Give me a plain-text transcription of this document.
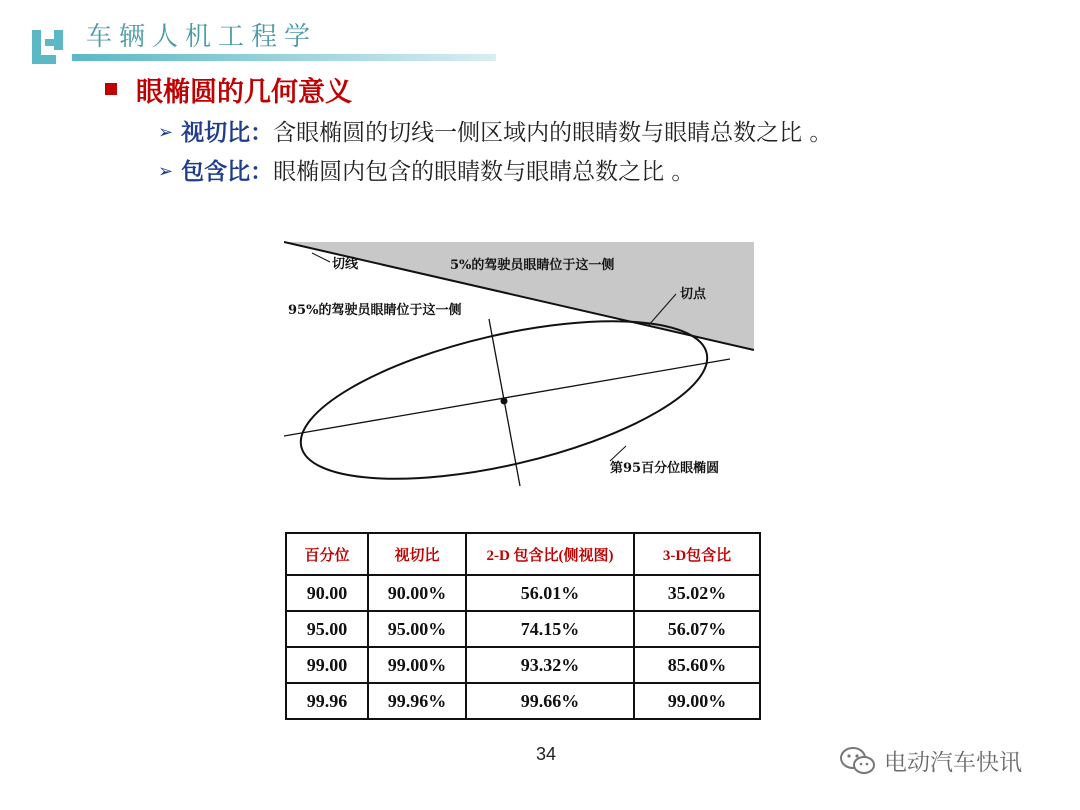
车辆人机工程学
眼椭圆的几何意义
➢ 视切比：含眼椭圆的切线一侧区域内的眼睛数与眼睛总数之比 。
➢ 包含比：眼椭圆内包含的眼睛数与眼睛总数之比 。
切线	5%的驾驶员眼睛位于这一侧
95%的驾驶员眼睛位于这一侧
切点
第95百分位眼椭圆
百分位	视切比	2-D 包含比(侧视图)	3-D包含比
90.00	90.00%	56.01%	35.02%
95.00	95.00%	74.15%	56.07%
99.00	99.00%	93.32%	85.60%
99.96	99.96%	99.66%	99.00%
34	电动汽车快讯
